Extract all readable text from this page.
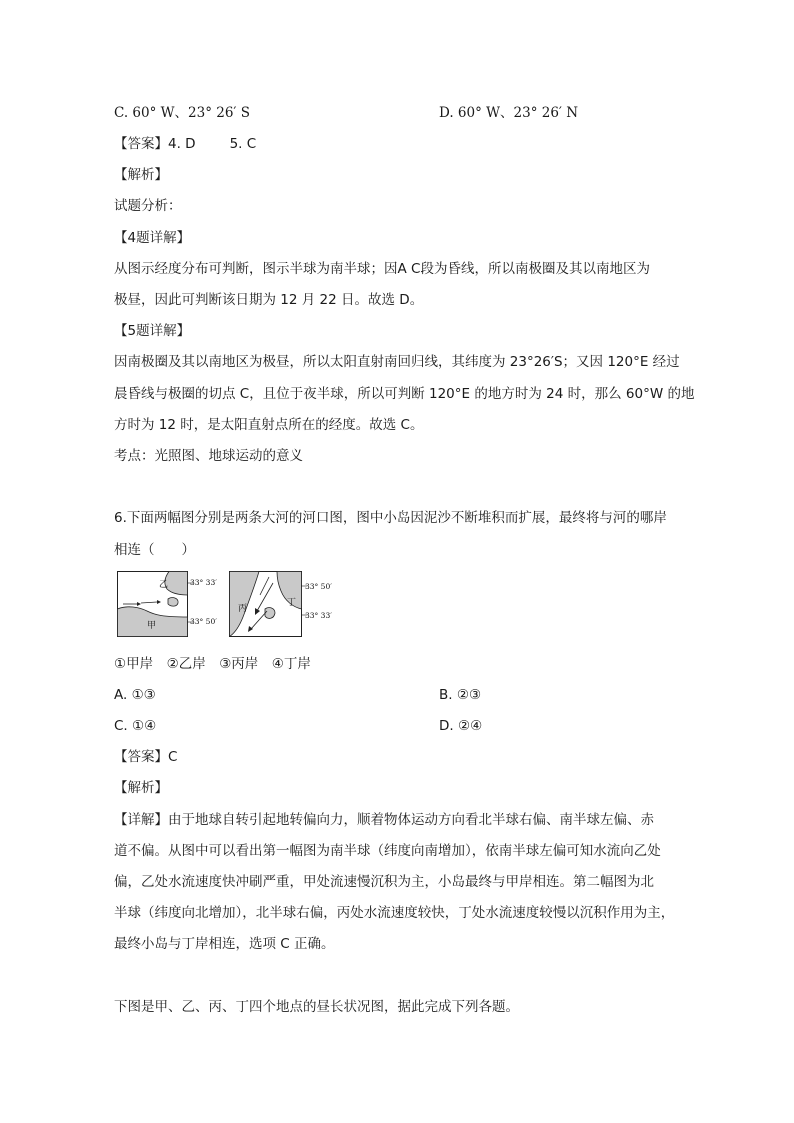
C. 60° W、23° 26′ S	D. 60° W、23° 26′ N
【答案】4. D	5. C
【解析】
试题分析：
【4题详解】
从图示经度分布可判断，图示半球为南半球；因A C段为昏线，所以南极圈及其以南地区为
极昼，因此可判断该日期为 12 月 22 日。故选 D。
【5题详解】
因南极圈及其以南地区为极昼，所以太阳直射南回归线，其纬度为 23°26′S；又因 120°E 经过
晨昏线与极圈的切点 C，且位于夜半球，所以可判断 120°E 的地方时为 24 时，那么 60°W 的地
方时为 12 时，是太阳直射点所在的经度。故选 C。
考点：光照图、地球运动的意义
6.下面两幅图分别是两条大河的河口图，图中小岛因泥沙不断堆积而扩展，最终将与河的哪岸
相连（　　）
乙
甲
33° 33′
33° 50′
丙
丁
33° 50′
33° 33′
①甲岸　②乙岸　③丙岸　④丁岸
A. ①③	B. ②③
C. ①④	D. ②④
【答案】C
【解析】
【详解】由于地球自转引起地转偏向力，顺着物体运动方向看北半球右偏、南半球左偏、赤
道不偏。从图中可以看出第一幅图为南半球（纬度向南增加），依南半球左偏可知水流向乙处
偏，乙处水流速度快冲刷严重，甲处流速慢沉积为主，小岛最终与甲岸相连。第二幅图为北
半球（纬度向北增加），北半球右偏，丙处水流速度较快，丁处水流速度较慢以沉积作用为主，
最终小岛与丁岸相连，选项 C 正确。
下图是甲、乙、丙、丁四个地点的昼长状况图，据此完成下列各题。
